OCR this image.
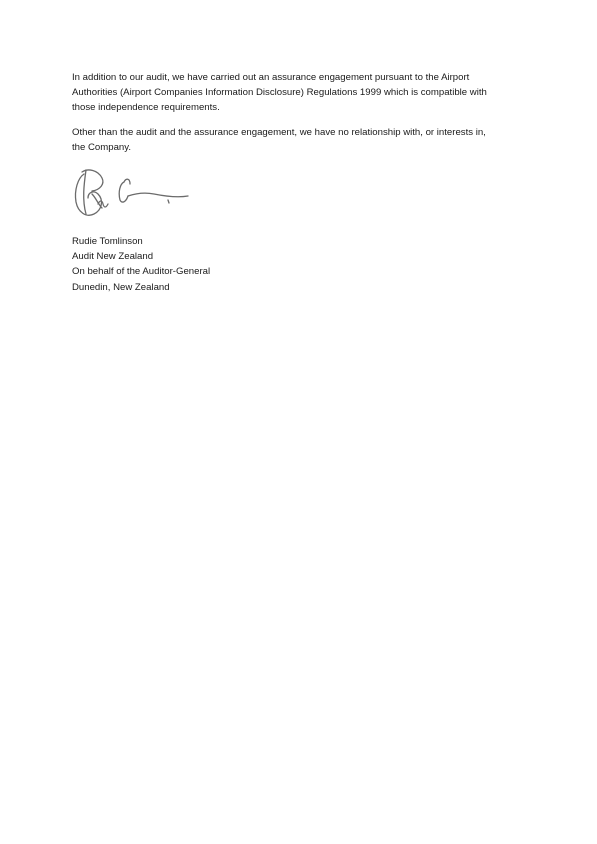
In addition to our audit, we have carried out an assurance engagement pursuant to the Airport
Authorities (Airport Companies Information Disclosure) Regulations 1999 which is compatible with
those independence requirements.

Other than the audit and the assurance engagement, we have no relationship with, or interests in,
the Company.

Rudie Tomlinson
Audit New Zealand
On behalf of the Auditor-General
Dunedin, New Zealand
